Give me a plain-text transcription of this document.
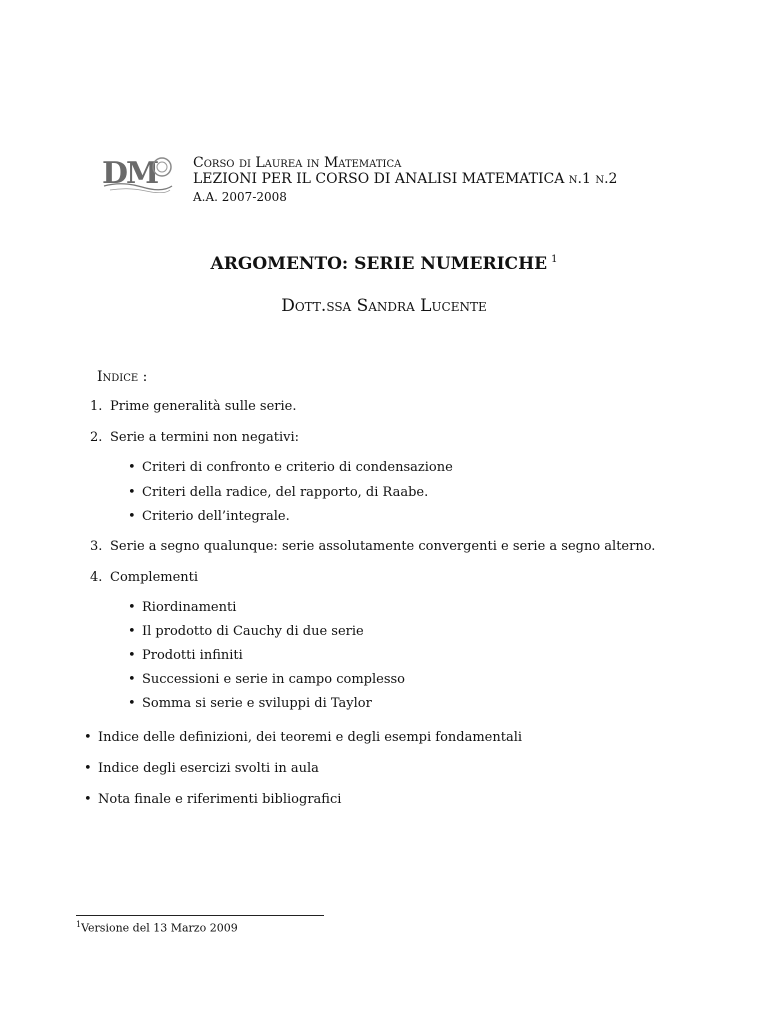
DM	Corso di Laurea in Matematica
LEZIONI PER IL CORSO DI ANALISI MATEMATICA n.1 n.2
A.A. 2007-2008
ARGOMENTO: SERIE NUMERICHE $^1$
Dott.ssa Sandra Lucente
Indice :
1. Prime generalità sulle serie.
2. Serie a termini non negativi:
• Criteri di confronto e criterio di condensazione
• Criteri della radice, del rapporto, di Raabe.
• Criterio dell’integrale.
3. Serie a segno qualunque: serie assolutamente convergenti e serie a segno alterno.
4. Complementi
• Riordinamenti
• Il prodotto di Cauchy di due serie
• Prodotti infiniti
• Successioni e serie in campo complesso
• Somma si serie e sviluppi di Taylor
• Indice delle definizioni, dei teoremi e degli esempi fondamentali
• Indice degli esercizi svolti in aula
• Nota finale e riferimenti bibliografici
$^1$Versione del 13 Marzo 2009
